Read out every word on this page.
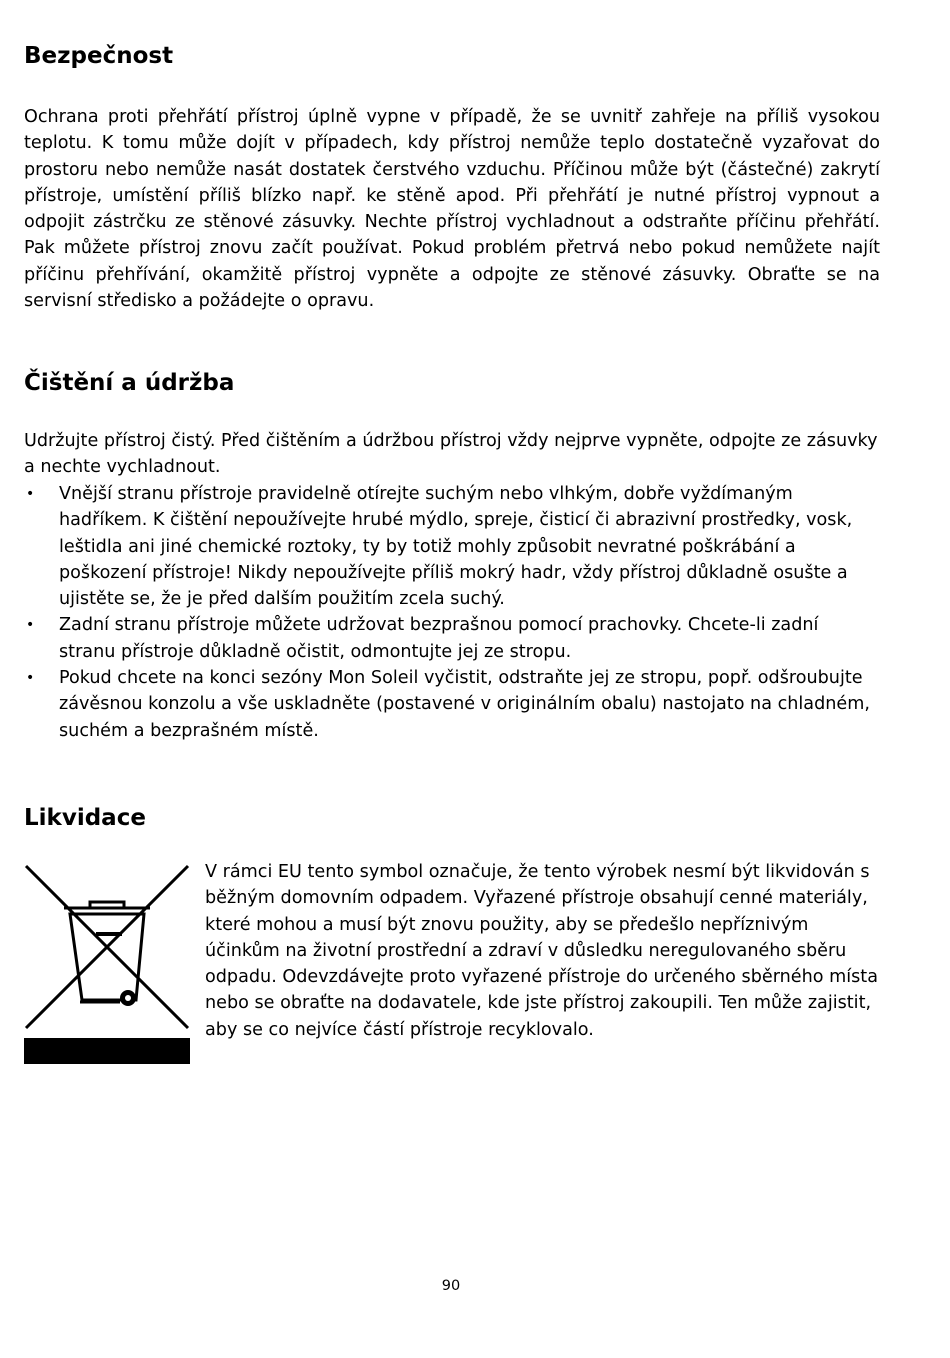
Bezpečnost

Ochrana proti přehřátí přístroj úplně vypne v případě, že se uvnitř zahřeje na příliš vysokou teplotu. K tomu může dojít v případech, kdy přístroj nemůže teplo dostatečně vyzařovat do prostoru nebo nemůže nasát dostatek čerstvého vzduchu. Příčinou může být (částečné) zakrytí přístroje, umístění příliš blízko např. ke stěně apod. Při přehřátí je nutné přístroj vypnout a odpojit zástrčku ze stěnové zásuvky. Nechte přístroj vychladnout a odstraňte příčinu přehřátí. Pak můžete přístroj znovu začít používat. Pokud problém přetrvá nebo pokud nemůžete najít příčinu přehřívání, okamžitě přístroj vypněte a odpojte ze stěnové zásuvky. Obraťte se na servisní středisko a požádejte o opravu.

Čištění a údržba

Udržujte přístroj čistý. Před čištěním a údržbou přístroj vždy nejprve vypněte, odpojte ze zásuvky a nechte vychladnout.

• Vnější stranu přístroje pravidelně otírejte suchým nebo vlhkým, dobře vyždímaným hadříkem. K čištění nepoužívejte hrubé mýdlo, spreje, čisticí či abrazivní prostředky, vosk, leštidla ani jiné chemické roztoky, ty by totiž mohly způsobit nevratné poškrábání a poškození přístroje! Nikdy nepoužívejte příliš mokrý hadr, vždy přístroj důkladně osušte a ujistěte se, že je před dalším použitím zcela suchý.
• Zadní stranu přístroje můžete udržovat bezprašnou pomocí prachovky. Chcete-li zadní stranu přístroje důkladně očistit, odmontujte jej ze stropu.
• Pokud chcete na konci sezóny Mon Soleil vyčistit, odstraňte jej ze stropu, popř. odšroubujte závěsnou konzolu a vše uskladněte (postavené v originálním obalu) nastojato na chladném, suchém a bezprašném místě.
Likvidace

V rámci EU tento symbol označuje, že tento výrobek nesmí být likvidován s běžným domovním odpadem. Vyřazené přístroje obsahují cenné materiály, které mohou a musí být znovu použity, aby se předešlo nepříznivým účinkům na životní prostřední a zdraví v důsledku neregulovaného sběru odpadu. Odevzdávejte proto vyřazené přístroje do určeného sběrného místa nebo se obraťte na dodavatele, kde jste přístroj zakoupili. Ten může zajistit, aby se co nejvíce částí přístroje recyklovalo.

90
